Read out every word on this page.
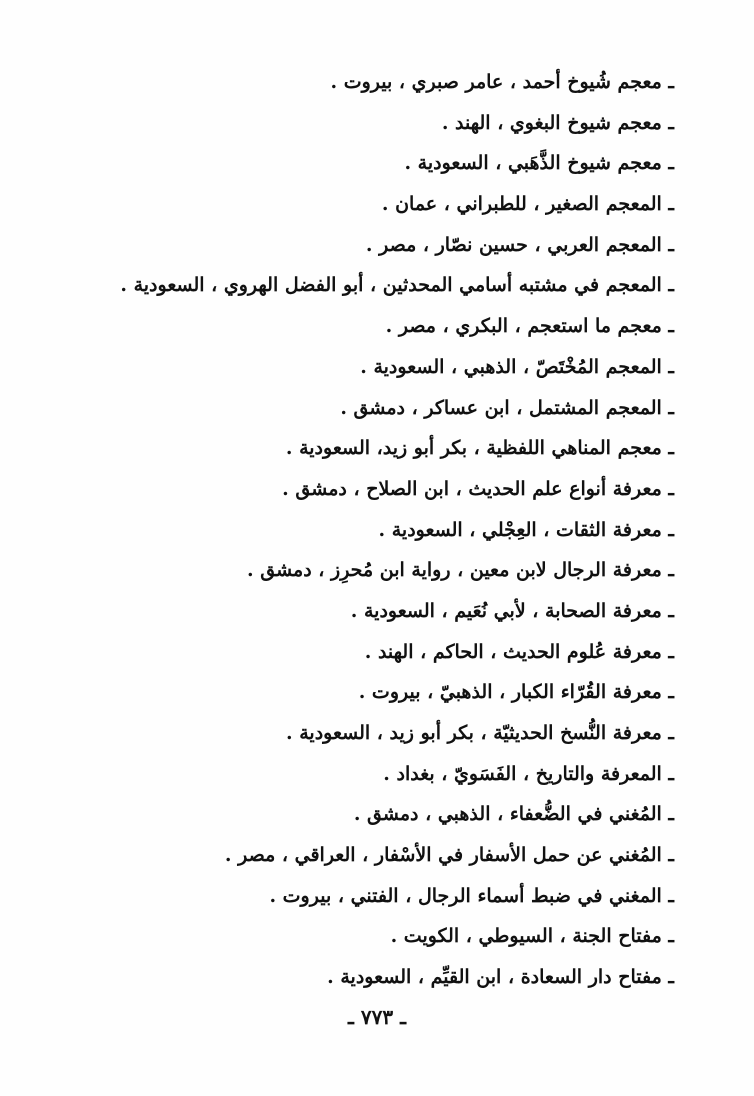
ـ معجم شُيوخ أحمد ، عامر صبري ، بيروت .
ـ معجم شيوخ البغوي ، الهند .
ـ معجم شيوخ الذَّهَبي ، السعودية .
ـ المعجم الصغير ، للطبراني ، عمان .
ـ المعجم العربي ، حسين نصّار ، مصر .
ـ المعجم في مشتبه أسامي المحدثين ، أبو الفضل الهروي ، السعودية .
ـ معجم ما استعجم ، البكري ، مصر .
ـ المعجم المُخْتَصّ ، الذهبي ، السعودية .
ـ المعجم المشتمل ، ابن عساكر ، دمشق .
ـ معجم المناهي اللفظية ، بكر أبو زيد، السعودية .
ـ معرفة أنواع علم الحديث ، ابن الصلاح ، دمشق .
ـ معرفة الثقات ، العِجْلي ، السعودية .
ـ معرفة الرجال لابن معين ، رواية ابن مُحرِز ، دمشق .
ـ معرفة الصحابة ، لأبي نُعَيم ، السعودية .
ـ معرفة عُلوم الحديث ، الحاكم ، الهند .
ـ معرفة القُرّاء الكبار ، الذهبيّ ، بيروت .
ـ معرفة النُّسخ الحديثيّة ، بكر أبو زيد ، السعودية .
ـ المعرفة والتاريخ ، الفَسَويّ ، بغداد .
ـ المُغني في الضُّعفاء ، الذهبي ، دمشق .
ـ المُغني عن حمل الأسفار في الأسْفار ، العراقي ، مصر .
ـ المغني في ضبط أسماء الرجال ، الفتني ، بيروت .
ـ مفتاح الجنة ، السيوطي ، الكويت .
ـ مفتاح دار السعادة ، ابن القيِّم ، السعودية .
ـ ٧٧٣ ـ
